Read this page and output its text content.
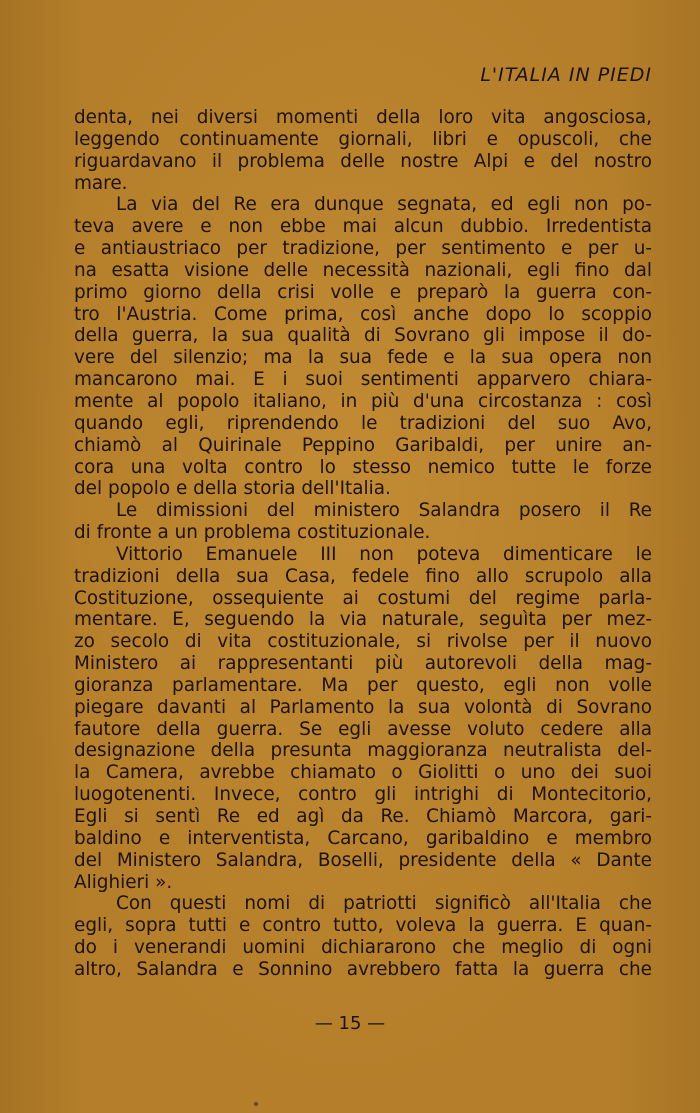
L'ITALIA IN PIEDI
denta, nei diversi momenti della loro vita angosciosa,
leggendo continuamente giornali, libri e opuscoli, che
riguardavano il problema delle nostre Alpi e del nostro
mare.
La via del Re era dunque segnata, ed egli non po-
teva avere e non ebbe mai alcun dubbio. Irredentista
e antiaustriaco per tradizione, per sentimento e per u-
na esatta visione delle necessità nazionali, egli fino dal
primo giorno della crisi volle e preparò la guerra con-
tro l'Austria. Come prima, così anche dopo lo scoppio
della guerra, la sua qualità di Sovrano gli impose il do-
vere del silenzio; ma la sua fede e la sua opera non
mancarono mai. E i suoi sentimenti apparvero chiara-
mente al popolo italiano, in più d'una circostanza : così
quando egli, riprendendo le tradizioni del suo Avo,
chiamò al Quirinale Peppino Garibaldi, per unire an-
cora una volta contro lo stesso nemico tutte le forze
del popolo e della storia dell'Italia.
Le dimissioni del ministero Salandra posero il Re
di fronte a un problema costituzionale.
Vittorio Emanuele III non poteva dimenticare le
tradizioni della sua Casa, fedele fino allo scrupolo alla
Costituzione, ossequiente ai costumi del regime parla-
mentare. E, seguendo la via naturale, seguìta per mez-
zo secolo di vita costituzionale, si rivolse per il nuovo
Ministero ai rappresentanti più autorevoli della mag-
gioranza parlamentare. Ma per questo, egli non volle
piegare davanti al Parlamento la sua volontà di Sovrano
fautore della guerra. Se egli avesse voluto cedere alla
designazione della presunta maggioranza neutralista del-
la Camera, avrebbe chiamato o Giolitti o uno dei suoi
luogotenenti. Invece, contro gli intrighi di Montecitorio,
Egli si sentì Re ed agì da Re. Chiamò Marcora, gari-
baldino e interventista, Carcano, garibaldino e membro
del Ministero Salandra, Boselli, presidente della « Dante
Alighieri ».
Con questi nomi di patriotti significò all'Italia che
egli, sopra tutti e contro tutto, voleva la guerra. E quan-
do i venerandi uomini dichiararono che meglio di ogni
altro, Salandra e Sonnino avrebbero fatta la guerra che
— 15 —
